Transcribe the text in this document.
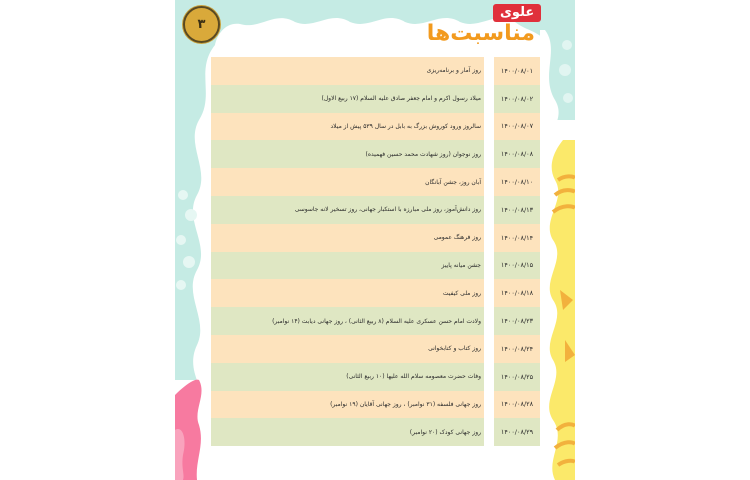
۳
علوی
مناسبت‌ها
روز آمار و برنامه‌ریزی
میلاد رسول اکرم و امام جعفر صادق علیه السلام (۱۷ ربیع الاول)
سالروز ورود کوروش بزرگ به بابل در سال ۵۳۹ پیش از میلاد
روز نوجوان (روز شهادت محمد حسین فهمیده)
آبان روز، جشن آبانگان
روز دانش‌آموز، روز ملی مبارزه با استکبار جهانی، روز تسخیر لانه جاسوسی
روز فرهنگ عمومی
جشن میانه پاییز
روز ملی کیفیت
ولادت امام حسن عسکری علیه السلام (۸ ربیع الثانی) ، روز جهانی دیابت (۱۴ نوامبر)
روز کتاب و کتابخوانی
وفات حضرت معصومه سلام الله علیها (۱۰ ربیع الثانی)
روز جهانی فلسفه (۳۱ نوامبر) ، روز جهانی آقایان (۱۹ نوامبر)
روز جهانی کودک (۲۰ نوامبر)
۱۴۰۰/۰۸/۰۱
۱۴۰۰/۰۸/۰۲
۱۴۰۰/۰۸/۰۷
۱۴۰۰/۰۸/۰۸
۱۴۰۰/۰۸/۱۰
۱۴۰۰/۰۸/۱۳
۱۴۰۰/۰۸/۱۴
۱۴۰۰/۰۸/۱۵
۱۴۰۰/۰۸/۱۸
۱۴۰۰/۰۸/۲۳
۱۴۰۰/۰۸/۲۴
۱۴۰۰/۰۸/۲۵
۱۴۰۰/۰۸/۲۸
۱۴۰۰/۰۸/۲۹
